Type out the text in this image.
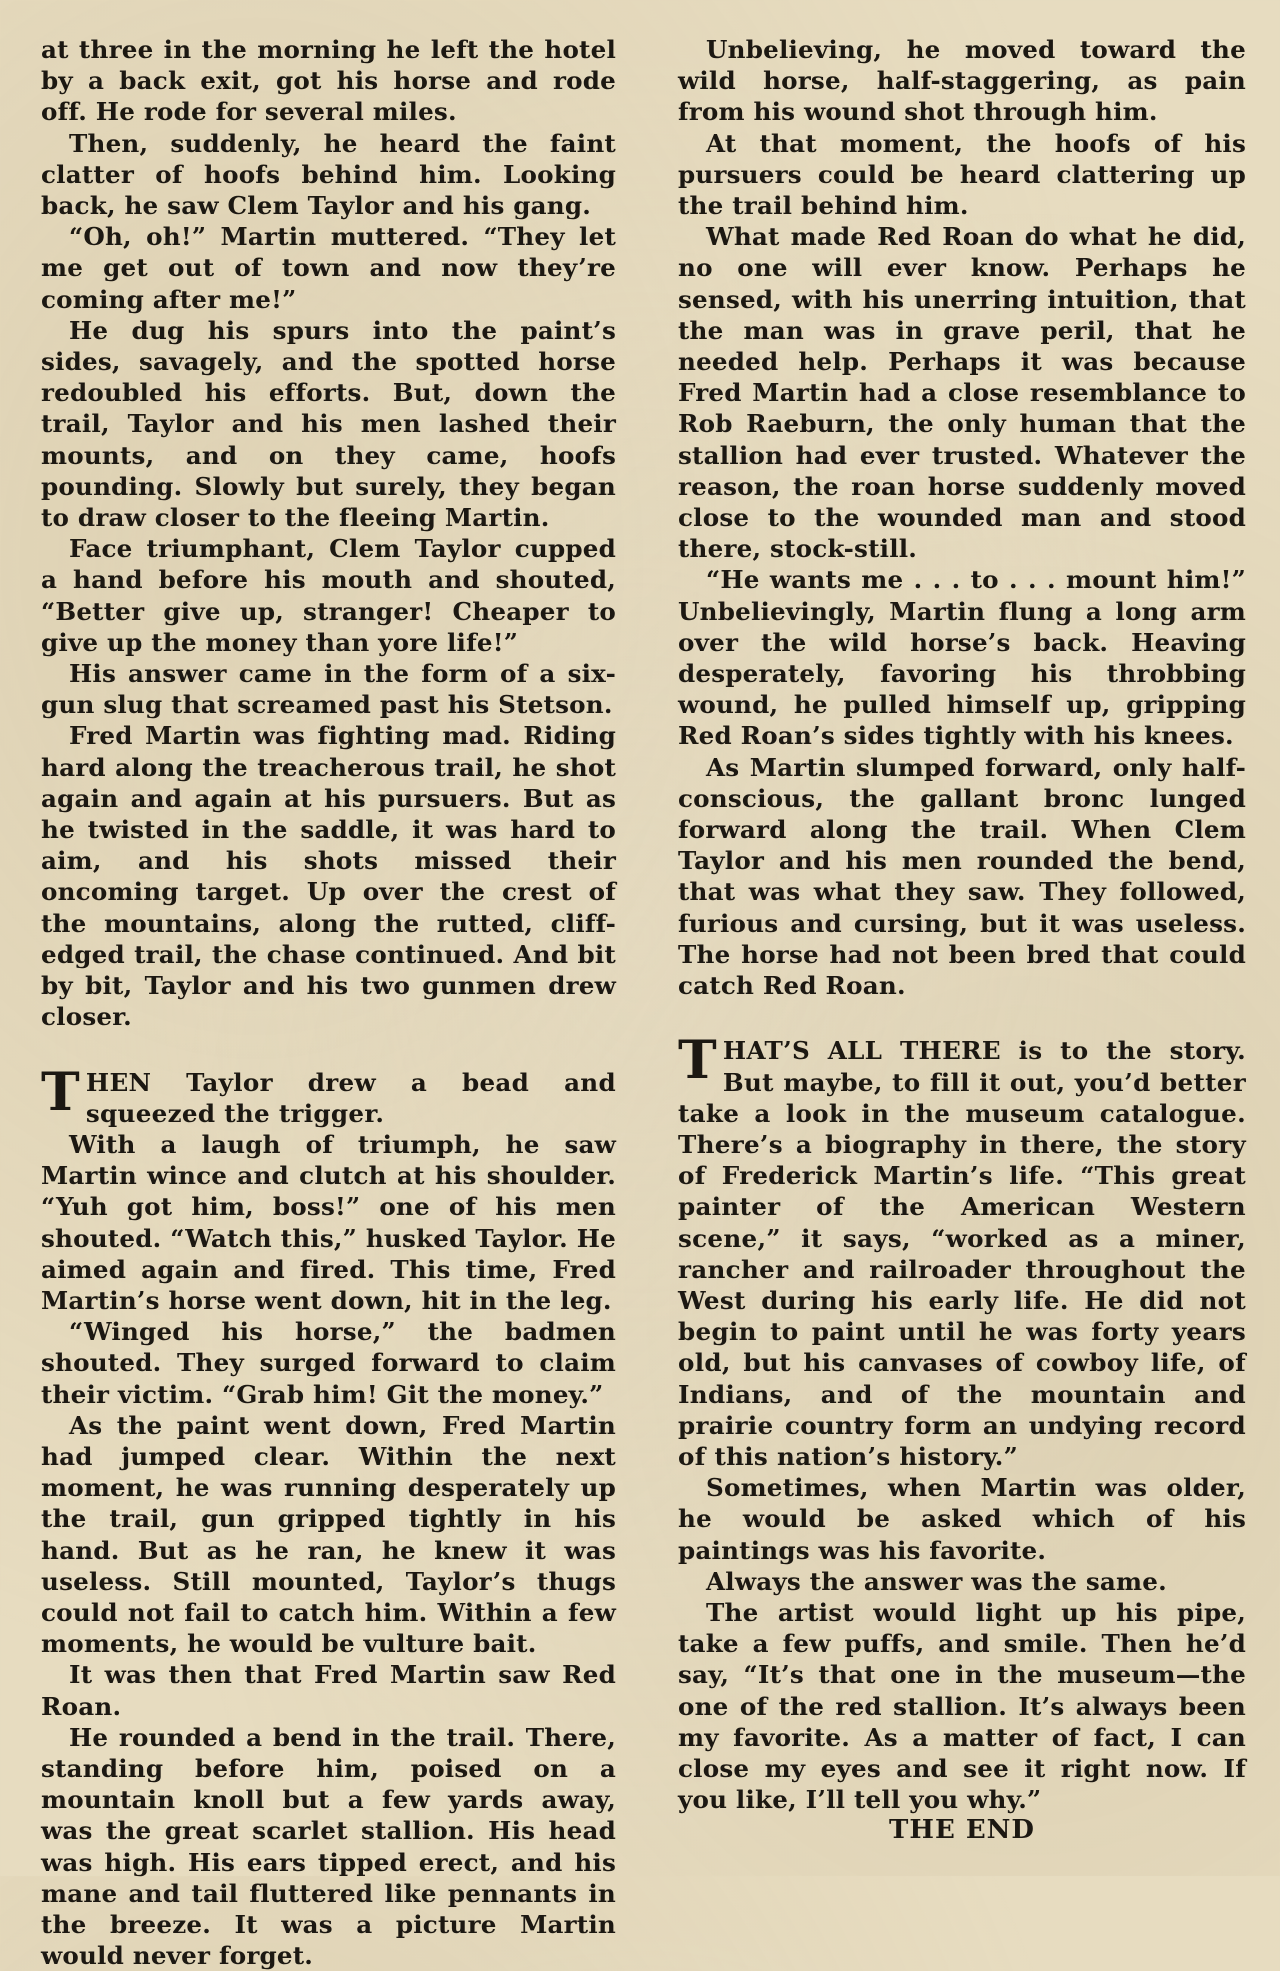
at three in the morning he left the hotel by a back exit, got his horse and rode off. He rode for several miles.

Then, suddenly, he heard the faint clatter of hoofs behind him. Looking back, he saw Clem Taylor and his gang.

“Oh, oh!” Martin muttered. “They let me get out of town and now they’re coming after me!”

He dug his spurs into the paint’s sides, savagely, and the spotted horse redoubled his efforts. But, down the trail, Taylor and his men lashed their mounts, and on they came, hoofs pounding. Slowly but surely, they began to draw closer to the fleeing Martin.

Face triumphant, Clem Taylor cupped a hand before his mouth and shouted, “Better give up, stranger! Cheaper to give up the money than yore life!”

His answer came in the form of a six-gun slug that screamed past his Stetson.

Fred Martin was fighting mad. Riding hard along the treacherous trail, he shot again and again at his pursuers. But as he twisted in the saddle, it was hard to aim, and his shots missed their oncoming target. Up over the crest of the mountains, along the rutted, cliff-edged trail, the chase continued. And bit by bit, Taylor and his two gunmen drew closer.

THEN Taylor drew a bead and squeezed the trigger.

With a laugh of triumph, he saw Martin wince and clutch at his shoulder. “Yuh got him, boss!” one of his men shouted. “Watch this,” husked Taylor. He aimed again and fired. This time, Fred Martin’s horse went down, hit in the leg.

“Winged his horse,” the badmen shouted. They surged forward to claim their victim. “Grab him! Git the money.”

As the paint went down, Fred Martin had jumped clear. Within the next moment, he was running desperately up the trail, gun gripped tightly in his hand. But as he ran, he knew it was useless. Still mounted, Taylor’s thugs could not fail to catch him. Within a few moments, he would be vulture bait.

It was then that Fred Martin saw Red Roan.

He rounded a bend in the trail. There, standing before him, poised on a mountain knoll but a few yards away, was the great scarlet stallion. His head was high. His ears tipped erect, and his mane and tail fluttered like pennants in the breeze. It was a picture Martin would never forget.

Unbelieving, he moved toward the wild horse, half-staggering, as pain from his wound shot through him.

At that moment, the hoofs of his pursuers could be heard clattering up the trail behind him.

What made Red Roan do what he did, no one will ever know. Perhaps he sensed, with his unerring intuition, that the man was in grave peril, that he needed help. Perhaps it was because Fred Martin had a close resemblance to Rob Raeburn, the only human that the stallion had ever trusted. Whatever the reason, the roan horse suddenly moved close to the wounded man and stood there, stock-still.

“He wants me . . . to . . . mount him!” Unbelievingly, Martin flung a long arm over the wild horse’s back. Heaving desperately, favoring his throbbing wound, he pulled himself up, gripping Red Roan’s sides tightly with his knees.

As Martin slumped forward, only half-conscious, the gallant bronc lunged forward along the trail. When Clem Taylor and his men rounded the bend, that was what they saw. They followed, furious and cursing, but it was useless. The horse had not been bred that could catch Red Roan.

THAT’S ALL THERE is to the story. But maybe, to fill it out, you’d better take a look in the museum catalogue. There’s a biography in there, the story of Frederick Martin’s life. “This great painter of the American Western scene,” it says, “worked as a miner, rancher and railroader throughout the West during his early life. He did not begin to paint until he was forty years old, but his canvases of cowboy life, of Indians, and of the mountain and prairie country form an undying record of this nation’s history.”

Sometimes, when Martin was older, he would be asked which of his paintings was his favorite.

Always the answer was the same.

The artist would light up his pipe, take a few puffs, and smile. Then he’d say, “It’s that one in the museum—the one of the red stallion. It’s always been my favorite. As a matter of fact, I can close my eyes and see it right now. If you like, I’ll tell you why.”

THE END
